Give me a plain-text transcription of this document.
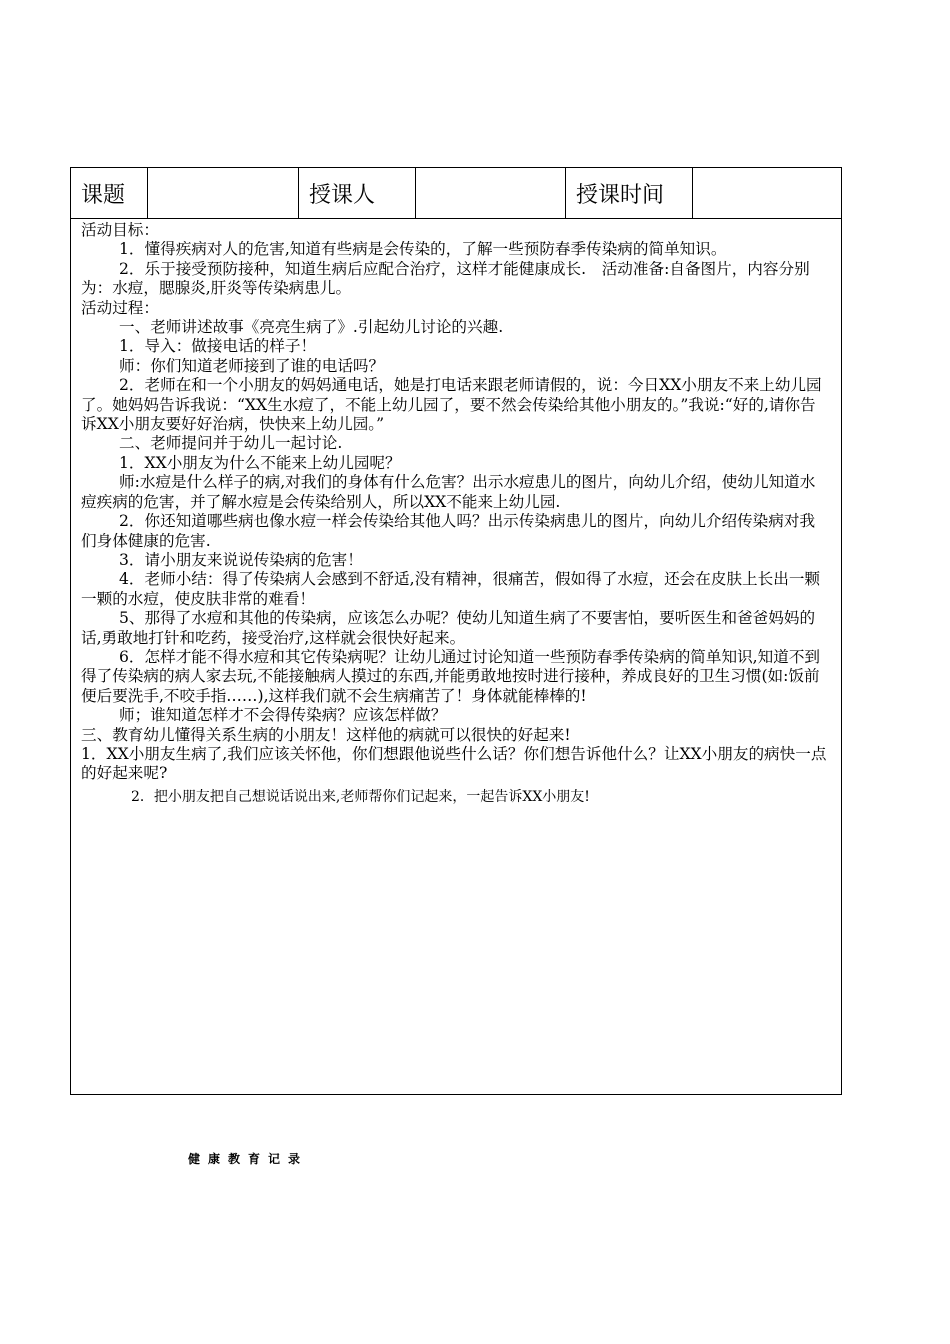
课题	授课人	授课时间

活动目标：

1．懂得疾病对人的危害,知道有些病是会传染的，了解一些预防春季传染病的简单知识。

2．乐于接受预防接种，知道生病后应配合治疗，这样才能健康成长.　活动准备:自备图片，内容分别为：水痘，腮腺炎,肝炎等传染病患儿。

活动过程：

一、老师讲述故事《亮亮生病了》.引起幼儿讨论的兴趣.

1．导入：做接电话的样子！

师：你们知道老师接到了谁的电话吗？

2．老师在和一个小朋友的妈妈通电话，她是打电话来跟老师请假的，说：今日XX小朋友不来上幼儿园了。她妈妈告诉我说：“XX生水痘了，不能上幼儿园了，要不然会传染给其他小朋友的。”我说:“好的,请你告诉XX小朋友要好好治病，快快来上幼儿园。”

二、老师提问并于幼儿一起讨论.

1．XX小朋友为什么不能来上幼儿园呢？

师:水痘是什么样子的病,对我们的身体有什么危害？出示水痘患儿的图片，向幼儿介绍，使幼儿知道水痘疾病的危害，并了解水痘是会传染给别人，所以XX不能来上幼儿园.

2．你还知道哪些病也像水痘一样会传染给其他人吗？出示传染病患儿的图片，向幼儿介绍传染病对我们身体健康的危害.

3．请小朋友来说说传染病的危害！

4．老师小结：得了传染病人会感到不舒适,没有精神，很痛苦，假如得了水痘，还会在皮肤上长出一颗一颗的水痘，使皮肤非常的难看！

5、那得了水痘和其他的传染病，应该怎么办呢？使幼儿知道生病了不要害怕，要听医生和爸爸妈妈的话,勇敢地打针和吃药，接受治疗,这样就会很快好起来。

6．怎样才能不得水痘和其它传染病呢？让幼儿通过讨论知道一些预防春季传染病的简单知识,知道不到得了传染病的病人家去玩,不能接触病人摸过的东西,并能勇敢地按时进行接种，养成良好的卫生习惯(如:饭前便后要洗手,不咬手指……),这样我们就不会生病痛苦了！身体就能棒棒的!

师；谁知道怎样才不会得传染病？应该怎样做？

三、教育幼儿懂得关系生病的小朋友！这样他的病就可以很快的好起来!

1．XX小朋友生病了,我们应该关怀他，你们想跟他说些什么话？你们想告诉他什么？让XX小朋友的病快一点的好起来呢?

2．把小朋友把自己想说话说出来,老师帮你们记起来，一起告诉XX小朋友!

健康教育记录
